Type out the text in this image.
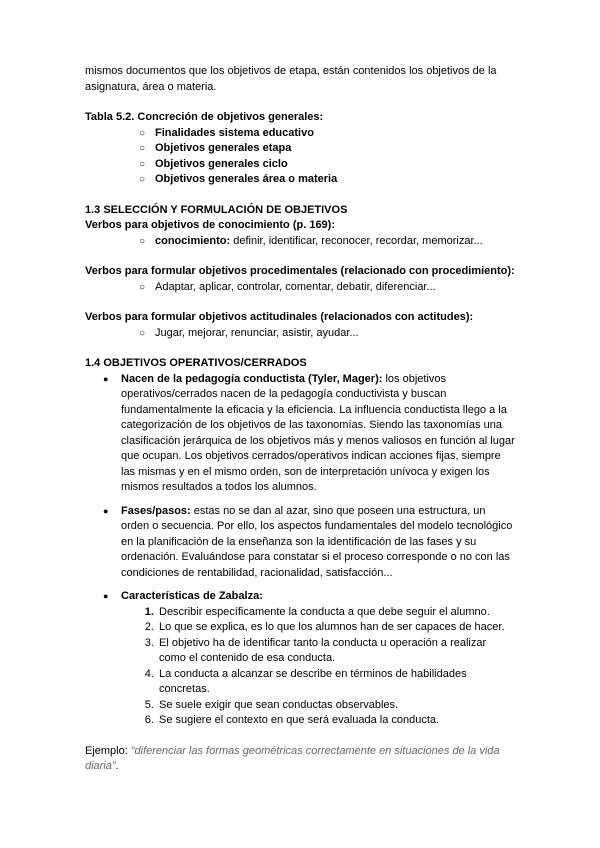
mismos documentos que los objetivos de etapa, están contenidos los objetivos de la asignatura, área o materia.

Tabla 5.2. Concreción de objetivos generales:

○ Finalidades sistema educativo
○ Objetivos generales etapa
○ Objetivos generales ciclo
○ Objetivos generales área o materia

1.3 SELECCIÓN Y FORMULACIÓN DE OBJETIVOS

Verbos para objetivos de conocimiento (p. 169):

○ conocimiento: definir, identificar, reconocer, recordar, memorizar...

Verbos para formular objetivos procedimentales (relacionado con procedimiento):

○ Adaptar, aplicar, controlar, comentar, debatir, diferenciar...

Verbos para formular objetivos actitudinales (relacionados con actitudes):

○ Jugar, mejorar, renunciar, asistir, ayudar...

1.4 OBJETIVOS OPERATIVOS/CERRADOS

●	Nacen de la pedagogía conductista (Tyler, Mager): los objetivos operativos/cerrados nacen de la pedagogía conductivista y buscan fundamentalmente la eficacia y la eficiencia. La influencia conductista llego a la categorización de los objetivos de las taxonomías. Siendo las taxonomías una clasificación jerárquica de los objetivos más y menos valiosos en función al lugar que ocupan. Los objetivos cerrados/operativos indican acciones fijas, siempre las mismas y en el mismo orden, son de interpretación unívoca y exigen los mismos resultados a todos los alumnos.
●	Fases/pasos: estas no se dan al azar, sino que poseen una estructura, un orden o secuencia. Por ello, los aspectos fundamentales del modelo tecnológico en la planificación de la enseñanza son la identificación de las fases y su ordenación. Evaluándose para constatar si el proceso corresponde o no con las condiciones de rentabilidad, racionalidad, satisfacción...
●	Características de Zabalza:
1. Describir específicamente la conducta a que debe seguir el alumno.
2. Lo que se explica, es lo que los alumnos han de ser capaces de hacer.
3. El objetivo ha de identificar tanto la conducta u operación a realizar como el contenido de esa conducta.
4. La conducta a alcanzar se describe en términos de habilidades concretas.
5. Se suele exigir que sean conductas observables.
6. Se sugiere el contexto en que será evaluada la conducta.

Ejemplo: “diferenciar las formas geométricas correctamente en situaciones de la vida diaria”.
